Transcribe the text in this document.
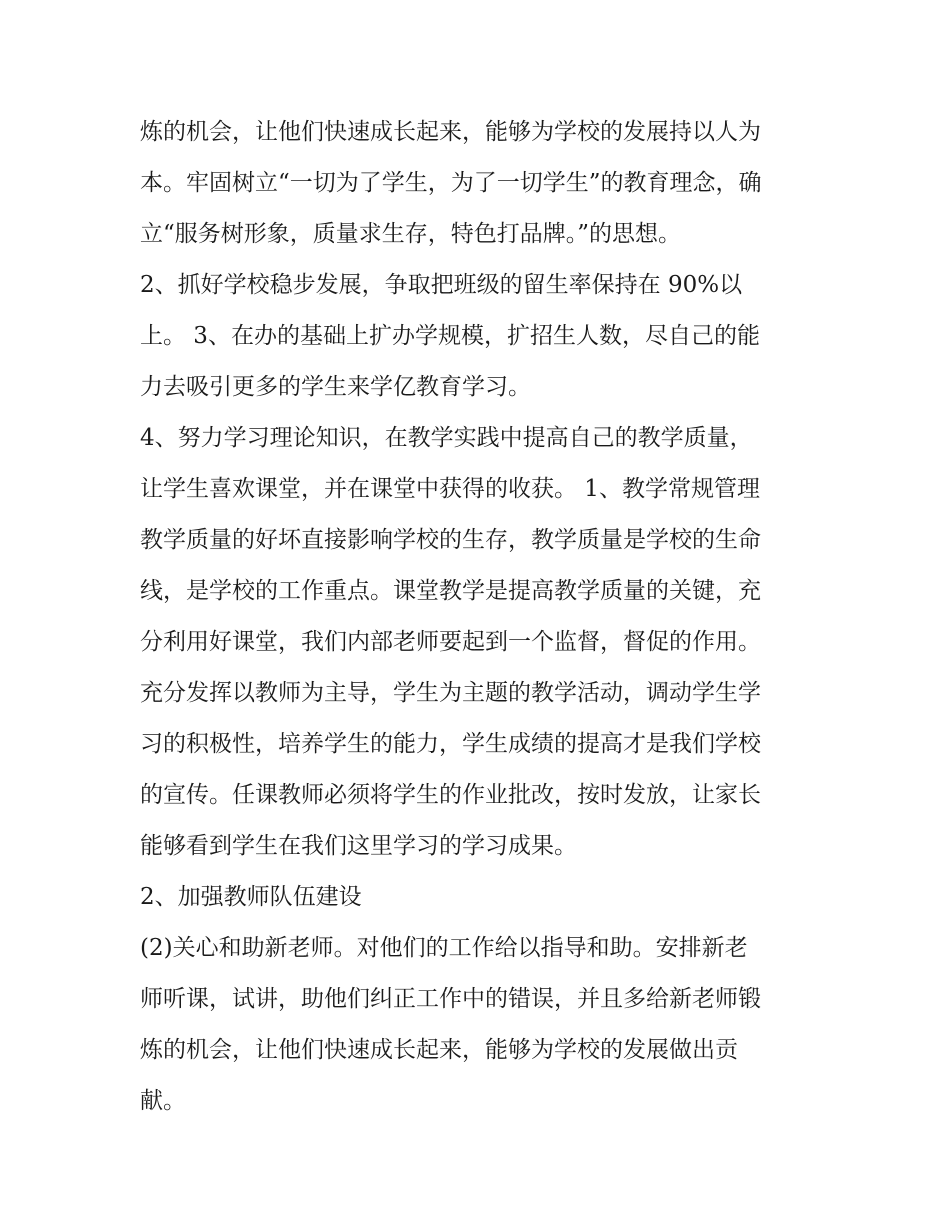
炼的机会，让他们快速成长起来，能够为学校的发展持以人为
本。牢固树立“一切为了学生，为了一切学生”的教育理念，确
立“服务树形象，质量求生存，特色打品牌。”的思想。
2、抓好学校稳步发展，争取把班级的留生率保持在 90%以
上。 3、在办的基础上扩办学规模，扩招生人数，尽自己的能
力去吸引更多的学生来学亿教育学习。
4、努力学习理论知识，在教学实践中提高自己的教学质量，
让学生喜欢课堂，并在课堂中获得的收获。 1、教学常规管理
教学质量的好坏直接影响学校的生存，教学质量是学校的生命
线，是学校的工作重点。课堂教学是提高教学质量的关键，充
分利用好课堂，我们内部老师要起到一个监督，督促的作用。
充分发挥以教师为主导，学生为主题的教学活动，调动学生学
习的积极性，培养学生的能力，学生成绩的提高才是我们学校
的宣传。任课教师必须将学生的作业批改，按时发放，让家长
能够看到学生在我们这里学习的学习成果。
2、加强教师队伍建设
(2)关心和助新老师。对他们的工作给以指导和助。安排新老
师听课，试讲，助他们纠正工作中的错误，并且多给新老师锻
炼的机会，让他们快速成长起来，能够为学校的发展做出贡
献。
